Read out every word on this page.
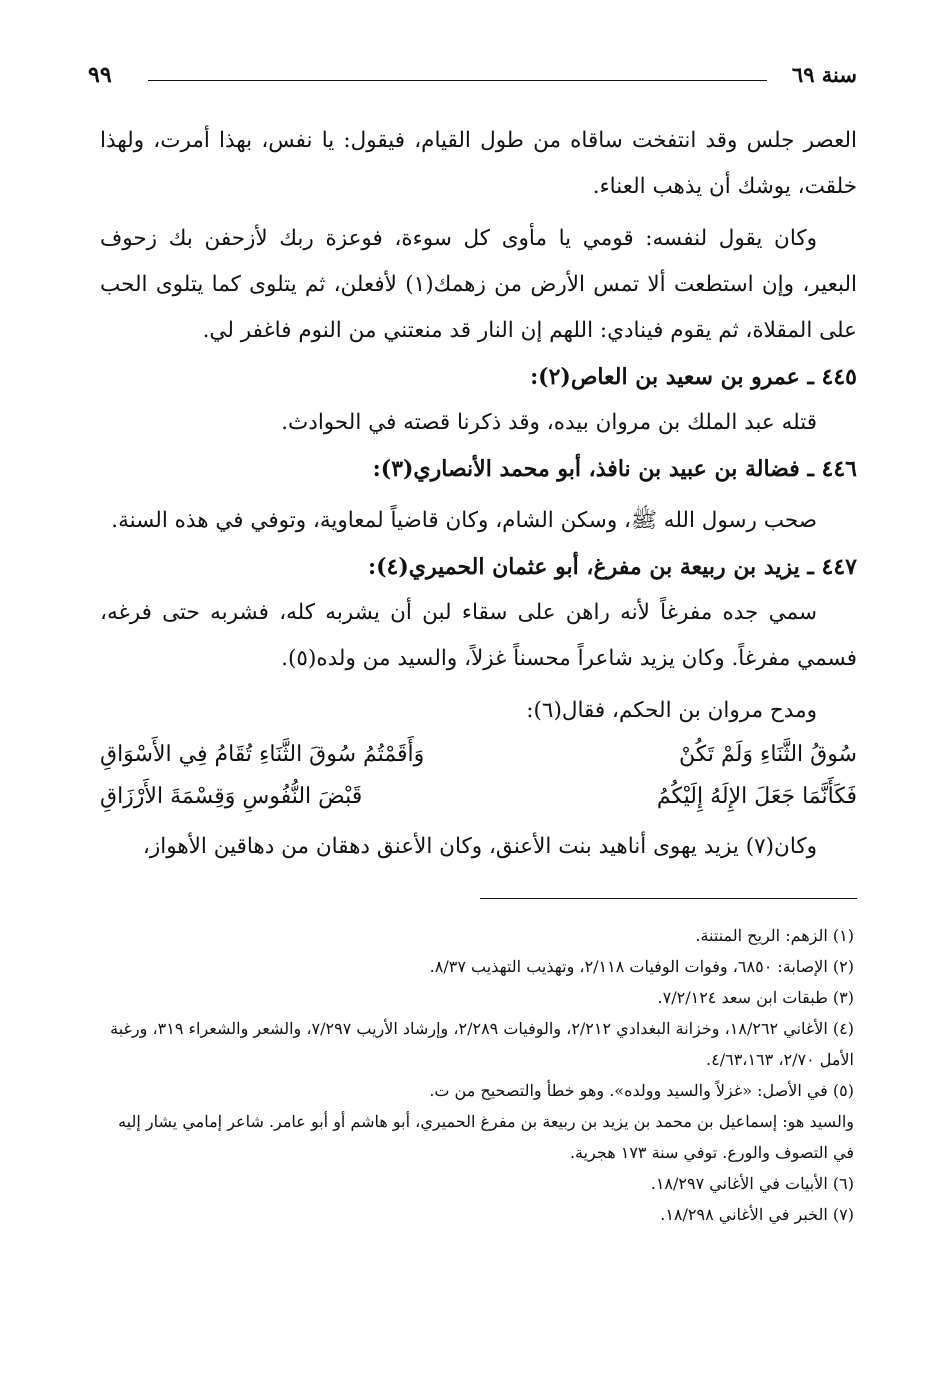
سنة ٦٩
٩٩

العصر جلس وقد انتفخت ساقاه من طول القيام، فيقول: يا نفس، بهذا أمرت، ولهذا خلقت، يوشك أن يذهب العناء.

وكان يقول لنفسه: قومي يا مأوى كل سوءة، فوعزة ربك لأزحفن بك زحوف البعير، وإن استطعت ألا تمس الأرض من زهمك(١) لأفعلن، ثم يتلوى كما يتلوى الحب على المقلاة، ثم يقوم فينادي: اللهم إن النار قد منعتني من النوم فاغفر لي.

٤٤٥ ـ عمرو بن سعيد بن العاص(٢):

قتله عبد الملك بن مروان بيده، وقد ذكرنا قصته في الحوادث.

٤٤٦ ـ فضالة بن عبيد بن نافذ، أبو محمد الأنصاري(٣):

صحب رسول الله ﷺ، وسكن الشام، وكان قاضياً لمعاوية، وتوفي في هذه السنة.

٤٤٧ ـ يزيد بن ربيعة بن مفرغ، أبو عثمان الحميري(٤):

سمي جده مفرغاً لأنه راهن على سقاء لبن أن يشربه كله، فشربه حتى فرغه، فسمي مفرغاً. وكان يزيد شاعراً محسناً غزلاً، والسيد من ولده(٥).

ومدح مروان بن الحكم، فقال(٦):

سُوقُ الثَّنَاءِ وَلَمْ تَكُنْ
وَأَقَمْتُمُ سُوقَ الثَّنَاءِ تُقَامُ فِي الأَسْوَاقِ
فَكَأَنَّمَا جَعَلَ الإِلَهُ إِلَيْكُمُ
قَبْضَ النُّفُوسِ وَقِسْمَةَ الأَرْزَاقِ

وكان(٧) يزيد يهوى أناهيد بنت الأعنق، وكان الأعنق دهقان من دهاقين الأهواز،

(١) الزهم: الريح المنتنة.

(٢) الإصابة: ٦٨٥٠، وفوات الوفيات ٢/١١٨، وتهذيب التهذيب ٨/٣٧.

(٣) طبقات ابن سعد ٧/٢/١٢٤.

(٤) الأغاني ١٨/٢٦٢، وخزانة البغدادي ٢/٢١٢، والوفيات ٢/٢٨٩، وإرشاد الأريب ٧/٢٩٧، والشعر والشعراء ٣١٩، ورغبة الأمل ٢/٧٠، ٤/٦٣،١٦٣.

(٥) في الأصل: «غزلاً والسيد وولده». وهو خطأ والتصحيح من ت.

والسيد هو: إسماعيل بن محمد بن يزيد بن ربيعة بن مفرغ الحميري، أبو هاشم أو أبو عامر. شاعر إمامي يشار إليه في التصوف والورع. توفي سنة ١٧٣ هجرية.

(٦) الأبيات في الأغاني ١٨/٢٩٧.

(٧) الخبر في الأغاني ١٨/٢٩٨.
